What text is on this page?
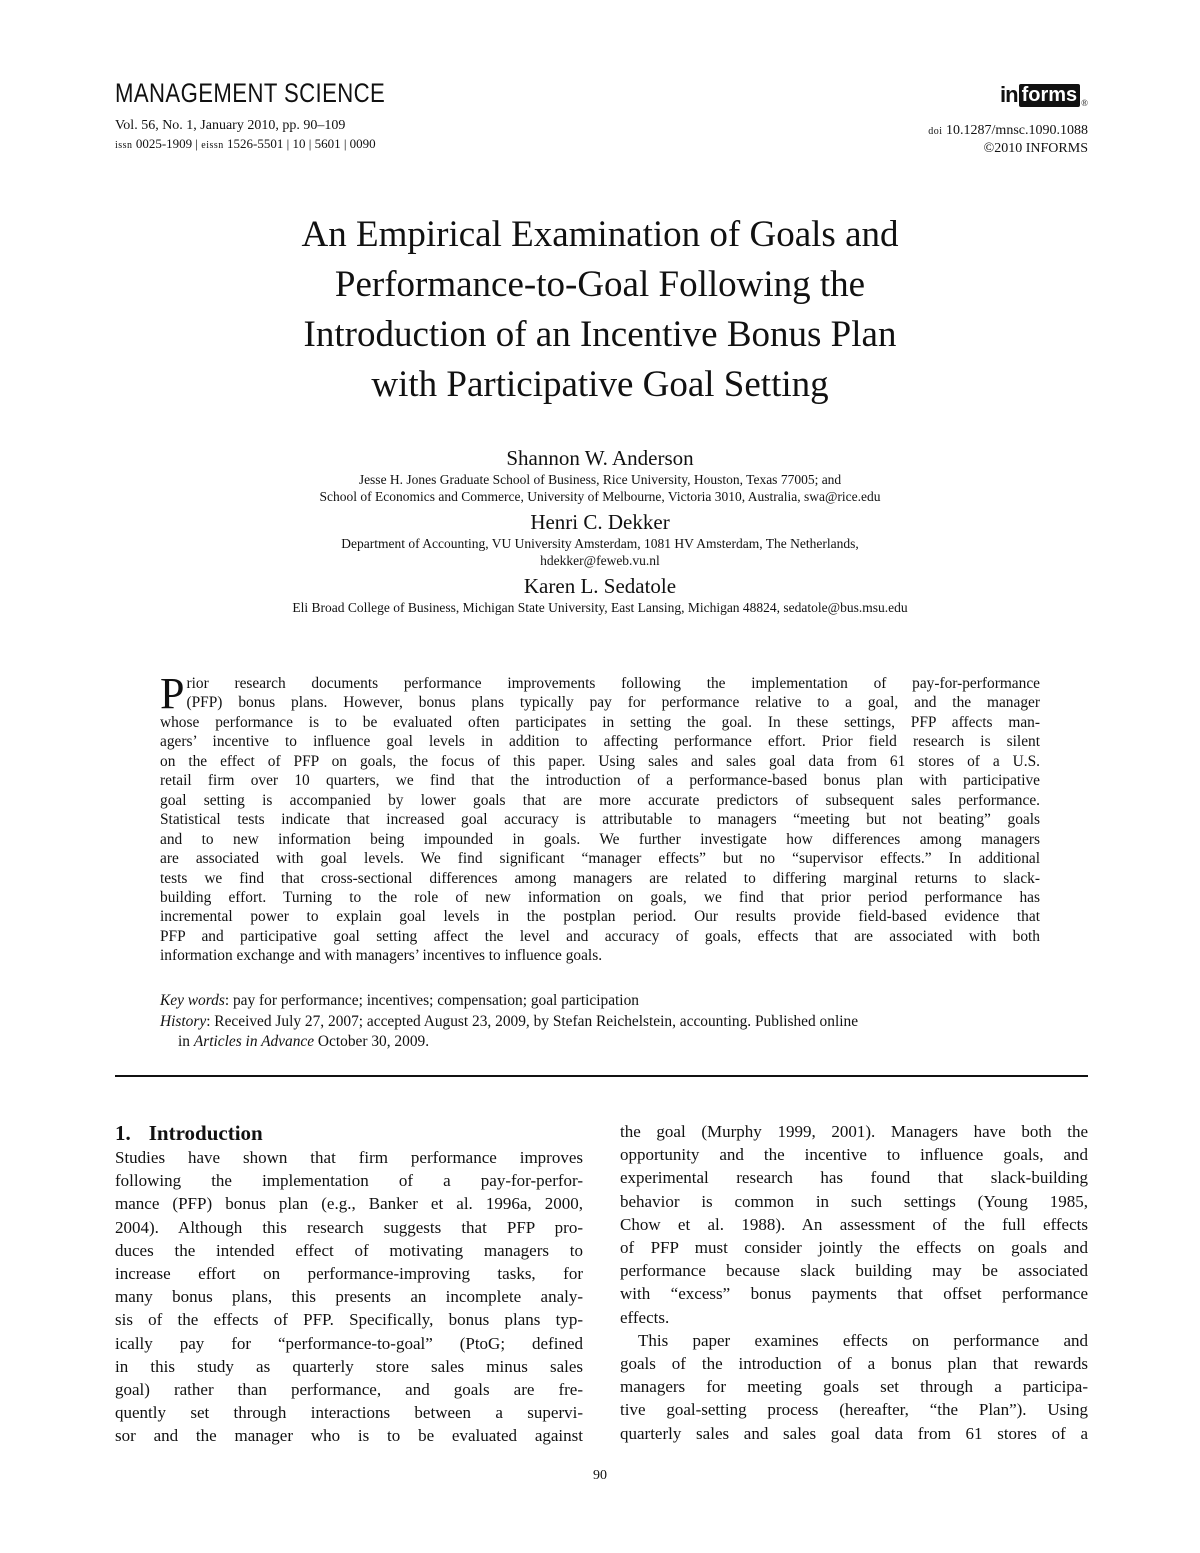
MANAGEMENT SCIENCE
Vol. 56, No. 1, January 2010, pp. 90–109
issn 0025-1909 | eissn 1526-5501 | 10 | 5601 | 0090
in forms ®
doi 10.1287/mnsc.1090.1088
©2010 INFORMS
An Empirical Examination of Goals and
Performance-to-Goal Following the
Introduction of an Incentive Bonus Plan
with Participative Goal Setting
Shannon W. Anderson
Jesse H. Jones Graduate School of Business, Rice University, Houston, Texas 77005; and
School of Economics and Commerce, University of Melbourne, Victoria 3010, Australia, swa@rice.edu
Henri C. Dekker
Department of Accounting, VU University Amsterdam, 1081 HV Amsterdam, The Netherlands,
hdekker@feweb.vu.nl
Karen L. Sedatole
Eli Broad College of Business, Michigan State University, East Lansing, Michigan 48824, sedatole@bus.msu.edu
P rior research documents performance improvements following the implementation of pay-for-performance
(PFP) bonus plans. However, bonus plans typically pay for performance relative to a goal, and the manager
whose performance is to be evaluated often participates in setting the goal. In these settings, PFP affects man-
agers’ incentive to influence goal levels in addition to affecting performance effort. Prior field research is silent
on the effect of PFP on goals, the focus of this paper. Using sales and sales goal data from 61 stores of a U.S.
retail firm over 10 quarters, we find that the introduction of a performance-based bonus plan with participative
goal setting is accompanied by lower goals that are more accurate predictors of subsequent sales performance.
Statistical tests indicate that increased goal accuracy is attributable to managers “meeting but not beating” goals
and to new information being impounded in goals. We further investigate how differences among managers
are associated with goal levels. We find significant “manager effects” but no “supervisor effects.” In additional
tests we find that cross-sectional differences among managers are related to differing marginal returns to slack-
building effort. Turning to the role of new information on goals, we find that prior period performance has
incremental power to explain goal levels in the postplan period. Our results provide field-based evidence that
PFP and participative goal setting affect the level and accuracy of goals, effects that are associated with both
information exchange and with managers’ incentives to influence goals.
Key words: pay for performance; incentives; compensation; goal participation
History: Received July 27, 2007; accepted August 23, 2009, by Stefan Reichelstein, accounting. Published online
in Articles in Advance October 30, 2009.
1. Introduction
Studies have shown that firm performance improves
following the implementation of a pay-for-perfor-
mance (PFP) bonus plan (e.g., Banker et al. 1996a, 2000,
2004). Although this research suggests that PFP pro-
duces the intended effect of motivating managers to
increase effort on performance-improving tasks, for
many bonus plans, this presents an incomplete analy-
sis of the effects of PFP. Specifically, bonus plans typ-
ically pay for “performance-to-goal” (PtoG; defined
in this study as quarterly store sales minus sales
goal) rather than performance, and goals are fre-
quently set through interactions between a supervi-
sor and the manager who is to be evaluated against
the goal (Murphy 1999, 2001). Managers have both the
opportunity and the incentive to influence goals, and
experimental research has found that slack-building
behavior is common in such settings (Young 1985,
Chow et al. 1988). An assessment of the full effects
of PFP must consider jointly the effects on goals and
performance because slack building may be associated
with “excess” bonus payments that offset performance
effects.
This paper examines effects on performance and
goals of the introduction of a bonus plan that rewards
managers for meeting goals set through a participa-
tive goal-setting process (hereafter, “the Plan”). Using
quarterly sales and sales goal data from 61 stores of a
90
